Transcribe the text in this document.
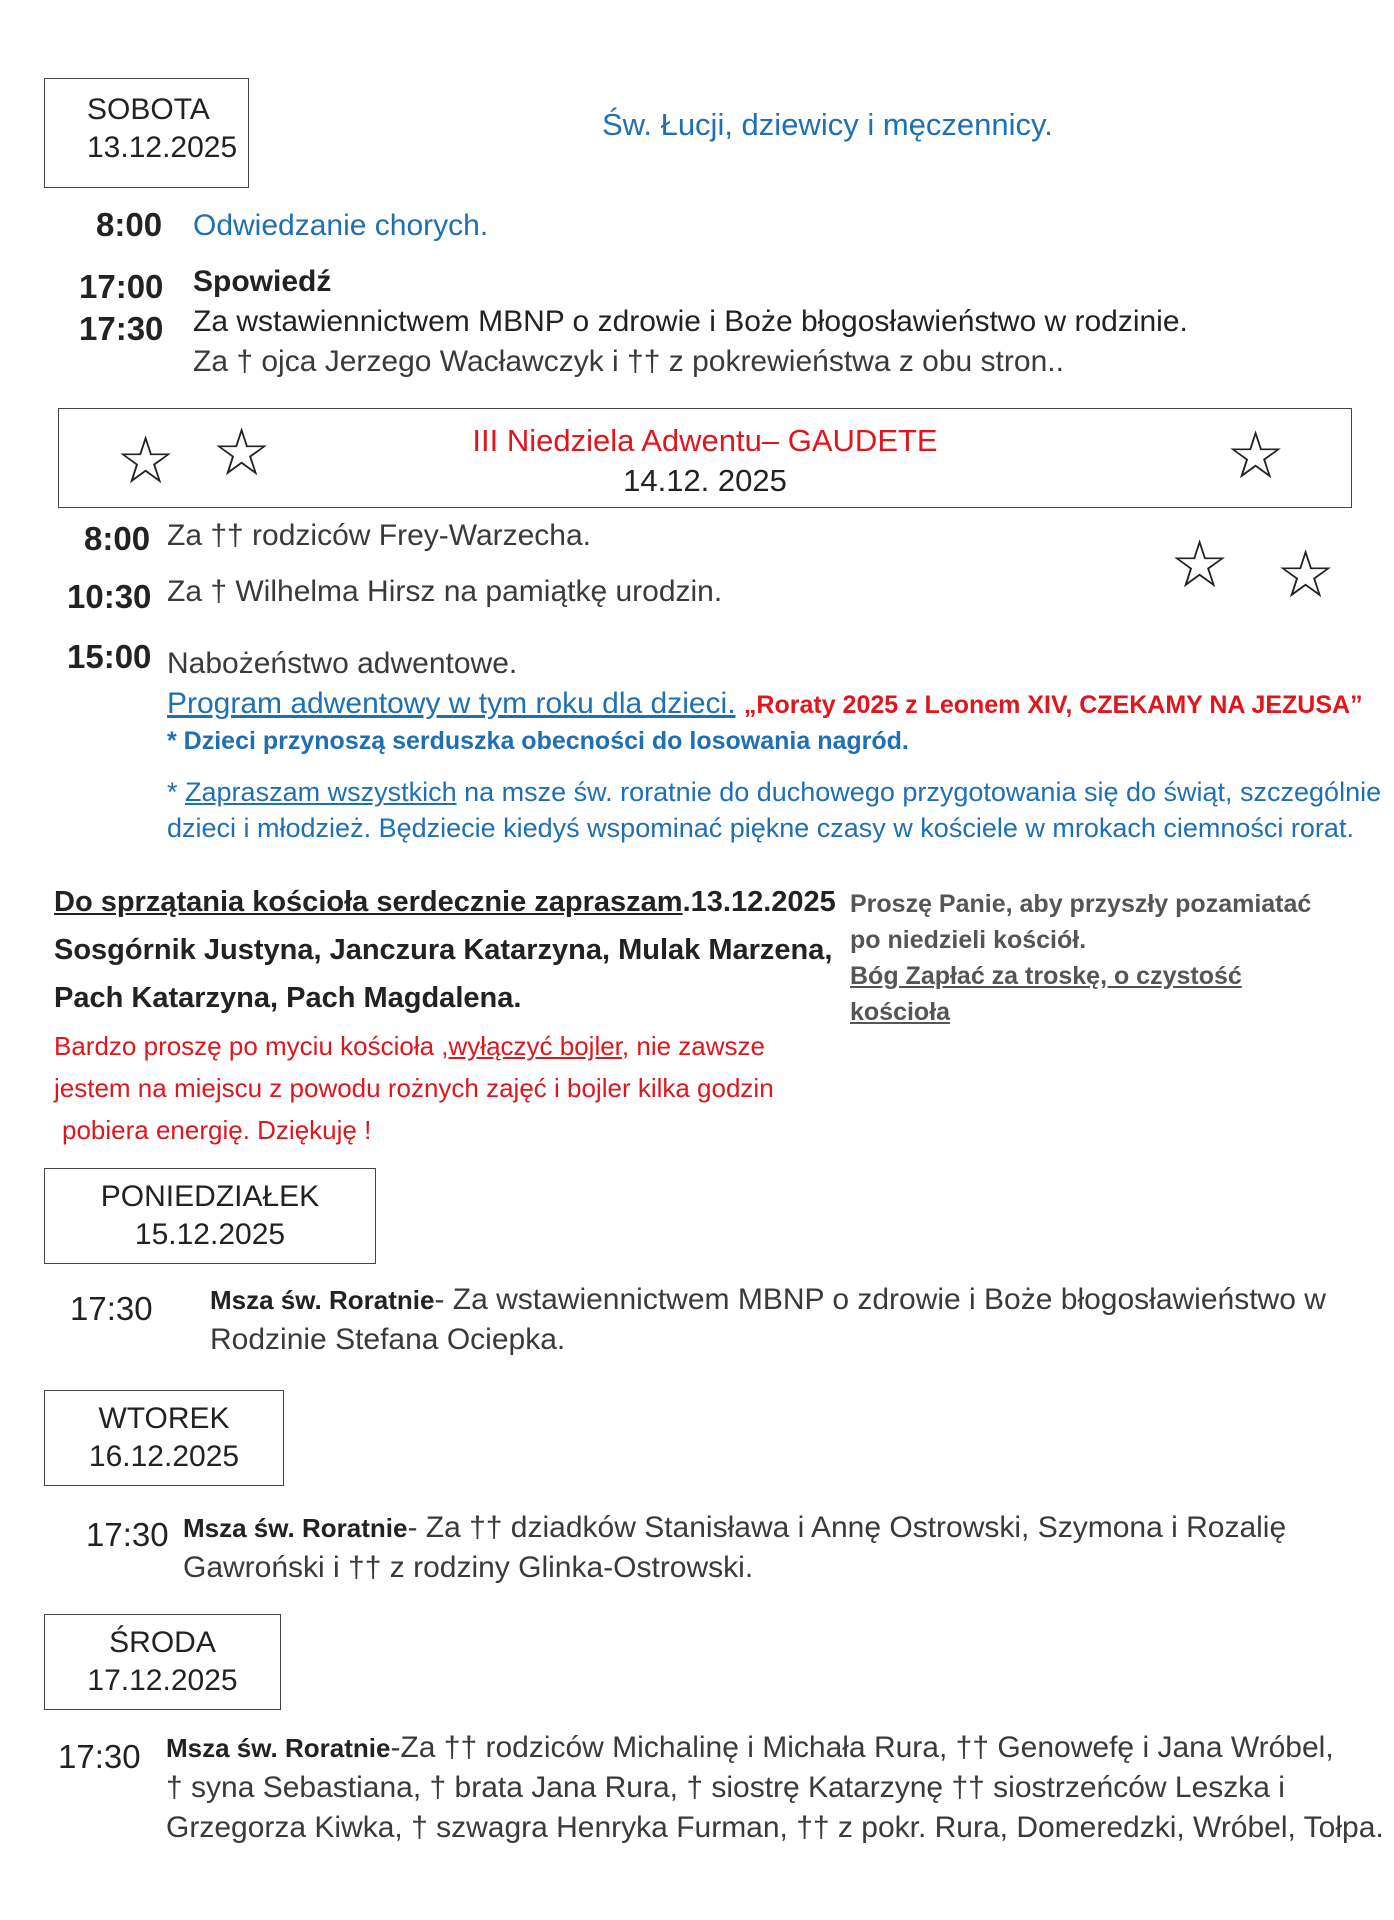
SOBOTA
13.12.2025
Św. Łucji, dziewicy i męczennicy.
8:00 Odwiedzanie chorych.
17:00 Spowiedź
17:30 Za wstawiennictwem MBNP o zdrowie i Boże błogosławieństwo w rodzinie.
Za † ojca Jerzego Wacławczyk i †† z pokrewieństwa z obu stron..
III Niedziela Adwentu– GAUDETE
14.12. 2025
☆ ☆	☆
☆ ☆
8:00 Za †† rodziców Frey-Warzecha.
10:30 Za † Wilhelma Hirsz na pamiątkę urodzin.
15:00 Nabożeństwo adwentowe.
Program adwentowy w tym roku dla dzieci. „Roraty 2025 z Leonem XIV, CZEKAMY NA JEZUSA”
* Dzieci przynoszą serduszka obecności do losowania nagród.
* Zapraszam wszystkich na msze św. roratnie do duchowego przygotowania się do świąt, szczególnie
dzieci i młodzież. Będziecie kiedyś wspominać piękne czasy w kościele w mrokach ciemności rorat.
Do sprzątania kościoła serdecznie zapraszam.13.12.2025
Sosgórnik Justyna, Janczura Katarzyna, Mulak Marzena,
Pach Katarzyna, Pach Magdalena.
Bardzo proszę po myciu kościoła ,wyłączyć bojler, nie zawsze
jestem na miejscu z powodu rożnych zajęć i bojler kilka godzin
pobiera energię. Dziękuję !
Proszę Panie, aby przyszły pozamiatać
po niedzieli kościół.
Bóg Zapłać za troskę, o czystość
kościoła
PONIEDZIAŁEK
15.12.2025
17:30 Msza św. Roratnie- Za wstawiennictwem MBNP o zdrowie i Boże błogosławieństwo w
Rodzinie Stefana Ociepka.
WTOREK
16.12.2025
17:30 Msza św. Roratnie- Za †† dziadków Stanisława i Annę Ostrowski, Szymona i Rozalię
Gawroński i †† z rodziny Glinka-Ostrowski.
ŚRODA
17.12.2025
17:30 Msza św. Roratnie-Za †† rodziców Michalinę i Michała Rura, †† Genowefę i Jana Wróbel,
† syna Sebastiana, † brata Jana Rura, † siostrę Katarzynę †† siostrzeńców Leszka i
Grzegorza Kiwka, † szwagra Henryka Furman, †† z pokr. Rura, Domeredzki, Wróbel, Tołpa.
